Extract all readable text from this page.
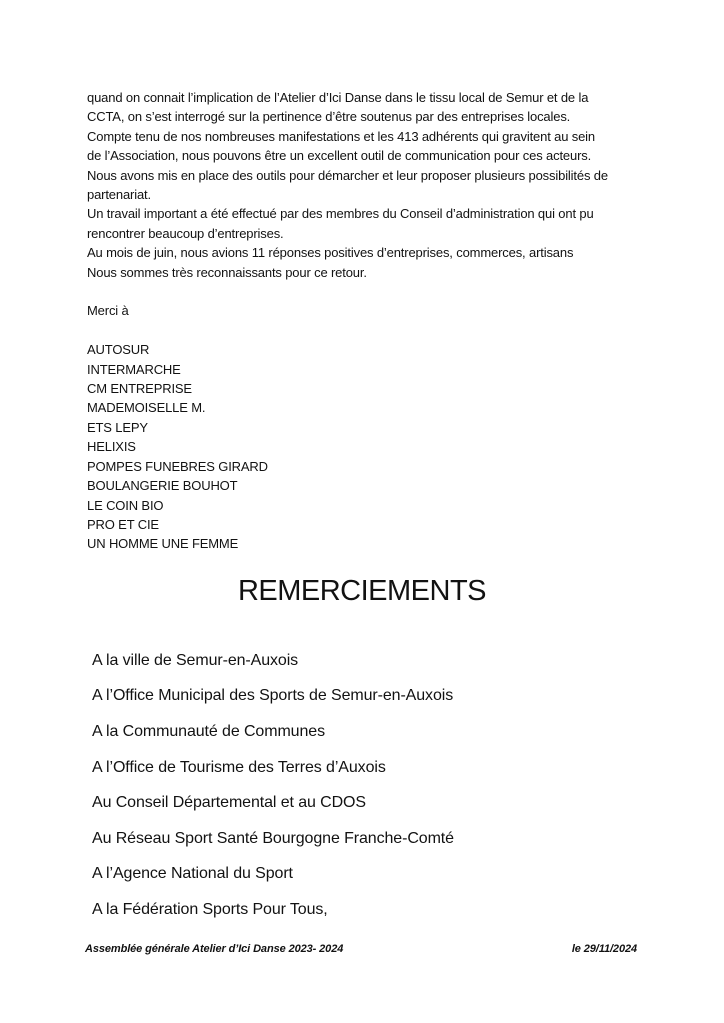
quand on connait l’implication de l’Atelier d’Ici Danse dans le tissu local de Semur et de la
CCTA, on s’est interrogé sur la pertinence d’être soutenus par des entreprises locales.
Compte tenu de nos nombreuses manifestations et les 413 adhérents qui gravitent au sein
de l’Association, nous pouvons être un excellent outil de communication pour ces acteurs.
Nous avons mis en place des outils pour démarcher et leur proposer plusieurs possibilités de
partenariat.
Un travail important a été effectué par des membres du Conseil d’administration qui ont pu
rencontrer beaucoup d’entreprises.
Au mois de juin, nous avions 11 réponses positives d’entreprises, commerces, artisans
Nous sommes très reconnaissants pour ce retour.
Merci à
AUTOSUR
INTERMARCHE
CM ENTREPRISE
MADEMOISELLE M.
ETS LEPY
HELIXIS
POMPES FUNEBRES GIRARD
BOULANGERIE BOUHOT
LE COIN BIO
PRO ET CIE
UN HOMME UNE FEMME
REMERCIEMENTS
A la ville de Semur-en-Auxois
A l’Office Municipal des Sports de Semur-en-Auxois
A la Communauté de Communes
A l’Office de Tourisme des Terres d’Auxois
Au Conseil Départemental et au CDOS
Au Réseau Sport Santé Bourgogne Franche-Comté
A l’Agence National du Sport
A la Fédération Sports Pour Tous,
Assemblée générale Atelier d’Ici Danse 2023- 2024	le 29/11/2024
